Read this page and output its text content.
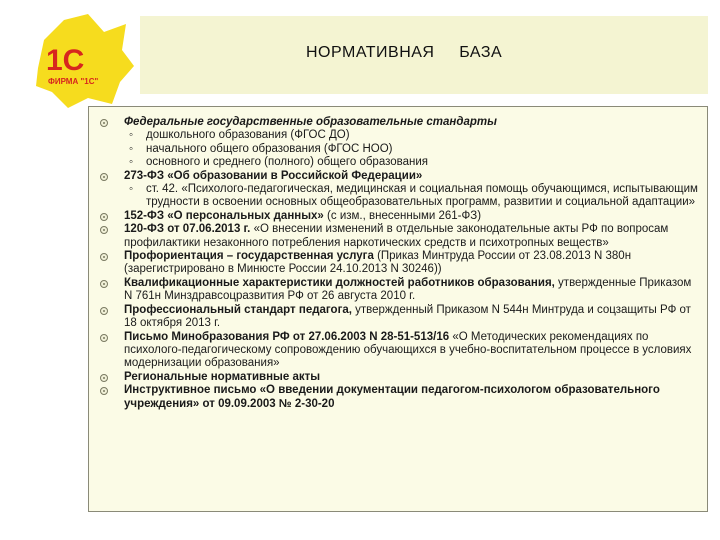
1С
ФИРМА "1С"
НОРМАТИВНАЯ     БАЗА
Федеральные государственные образовательные стандарты
◦ дошкольного образования (ФГОС ДО)
◦ начального общего образования (ФГОС НОО)
◦ основного и среднего (полного) общего образования
273-ФЗ «Об образовании в Российской Федерации»
◦ ст. 42. «Психолого-педагогическая, медицинская и социальная помощь обучающимся, испытывающим трудности в освоении основных общеобразовательных программ, развитии и социальной адаптации»
152-ФЗ «О персональных данных» (с изм., внесенными 261-ФЗ)
120-ФЗ от 07.06.2013 г. «О внесении изменений в отдельные законодательные акты РФ по вопросам профилактики незаконного потребления наркотических средств и психотропных веществ»
Профориентация – государственная услуга (Приказ Минтруда России от 23.08.2013 N 380н (зарегистрировано в Минюсте России 24.10.2013 N 30246))
Квалификационные характеристики должностей работников образования, утвержденные Приказом N 761н Минздравсоцразвития РФ от 26 августа 2010 г.
Профессиональный стандарт педагога, утвержденный Приказом N 544н Минтруда и соцзащиты РФ от 18 октября 2013 г.
Письмо Минобразования РФ от 27.06.2003 N 28-51-513/16 «О Методических рекомендациях по психолого-педагогическому сопровождению обучающихся в учебно-воспитательном процессе в условиях модернизации образования»
Региональные нормативные акты
Инструктивное письмо «О введении документации педагогом-психологом образовательного учреждения» от 09.09.2003 № 2-30-20
